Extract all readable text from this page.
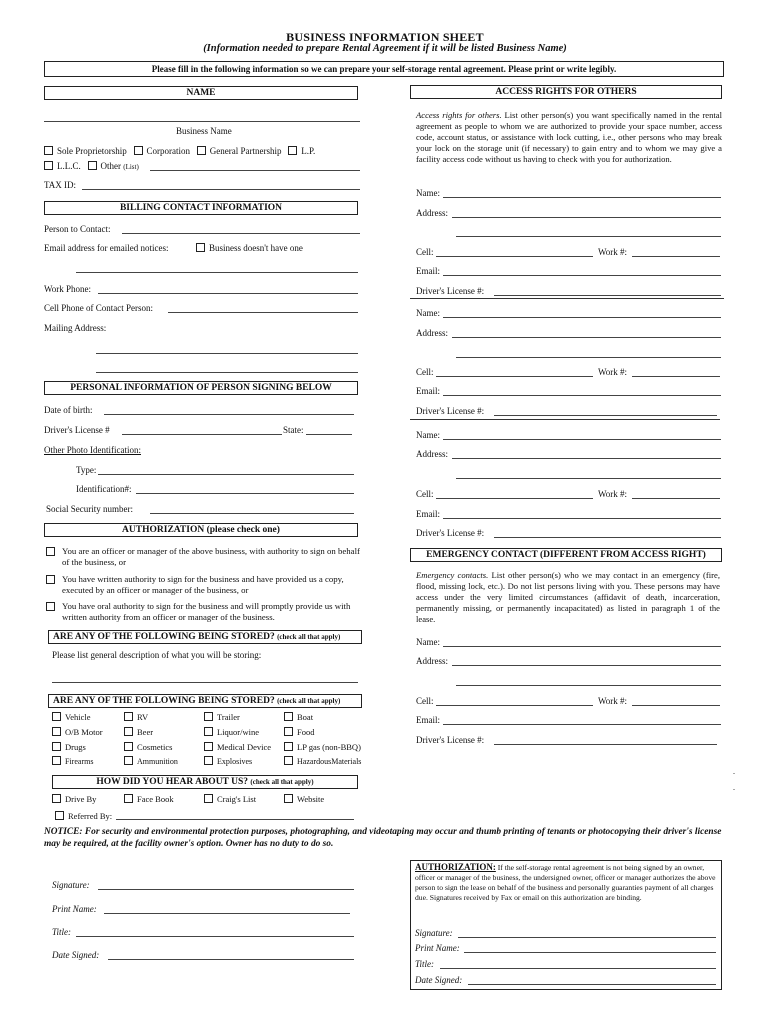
BUSINESS INFORMATION SHEET
(Information needed to prepare Rental Agreement if it will be listed Business Name)
Please fill in the following information so we can prepare your self-storage rental agreement. Please print or write legibly.
NAME
Business Name
Sole Proprietorship Corporation General Partnership L.P.
L.L.C. Other (List)
TAX ID:
BILLING CONTACT INFORMATION
Person to Contact:
Email address for emailed notices:	Business doesn't have one
Work Phone:
Cell Phone of Contact Person:
Mailing Address:
PERSONAL INFORMATION OF PERSON SIGNING BELOW
Date of birth:
Driver's License #	State:
Other Photo Identification:
Type:
Identification#:
Social Security number:
AUTHORIZATION (please check one)
You are an officer or manager of the above business, with authority to sign on behalf of the business, or
You have written authority to sign for the business and have provided us a copy, executed by an officer or manager of the business, or
You have oral authority to sign for the business and will promptly provide us with written authority from an officer or manager of the business.
ARE ANY OF THE FOLLOWING BEING STORED? (check all that apply)
Please list general description of what you will be storing:
ARE ANY OF THE FOLLOWING BEING STORED? (check all that apply)
Vehicle	RV	Trailer	Boat
O/B Motor	Beer	Liquor/wine	Food
Drugs	Cosmetics	Medical Device	LP gas (non-BBQ)
Firearms	Ammunition	Explosives	HazardousMaterials
HOW DID YOU HEAR ABOUT US? (check all that apply)
Drive By	Face Book	Craig's List	Website
Referred By:
ACCESS RIGHTS FOR OTHERS
Access rights for others. List other person(s) you want specifically named in the rental agreement as people to whom we are authorized to provide your space number, access code, account status, or assistance with lock cutting, i.e., other persons who may break your lock on the storage unit (if necessary) to gain entry and to whom we may give a facility access code without us having to check with you for authorization.
Name:
Address:
Cell:	Work #:
Email:
Driver's License #:
Name:
Address:
Cell:	Work #:
Email:
Driver's License #:
Name:
Address:
Cell:	Work #:
Email:
Driver's License #:
EMERGENCY CONTACT (DIFFERENT FROM ACCESS RIGHT)
Emergency contacts. List other person(s) who we may contact in an emergency (fire, flood, missing lock, etc.). Do not list persons living with you. These persons may have access under the very limited circumstances (affidavit of death, incarceration, permanently missing, or permanently incapacitated) as listed in paragraph 1 of the lease.
Name:
Address:
Cell:	Work #:
Email:
Driver's License #:
.
.
NOTICE: For security and environmental protection purposes, photographing, and videotaping may occur and thumb printing of tenants or photocopying their driver's license may be required, at the facility owner's option. Owner has no duty to do so.
Signature:
Print Name:
Title:
Date Signed:
AUTHORIZATION: If the self-storage rental agreement is not being signed by an owner, officer or manager of the business, the undersigned owner, officer or manager authorizes the above person to sign the lease on behalf of the business and personally guaranties payment of all charges due. Signatures received by Fax or email on this authorization are binding.
Signature:
Print Name:
Title:
Date Signed:
